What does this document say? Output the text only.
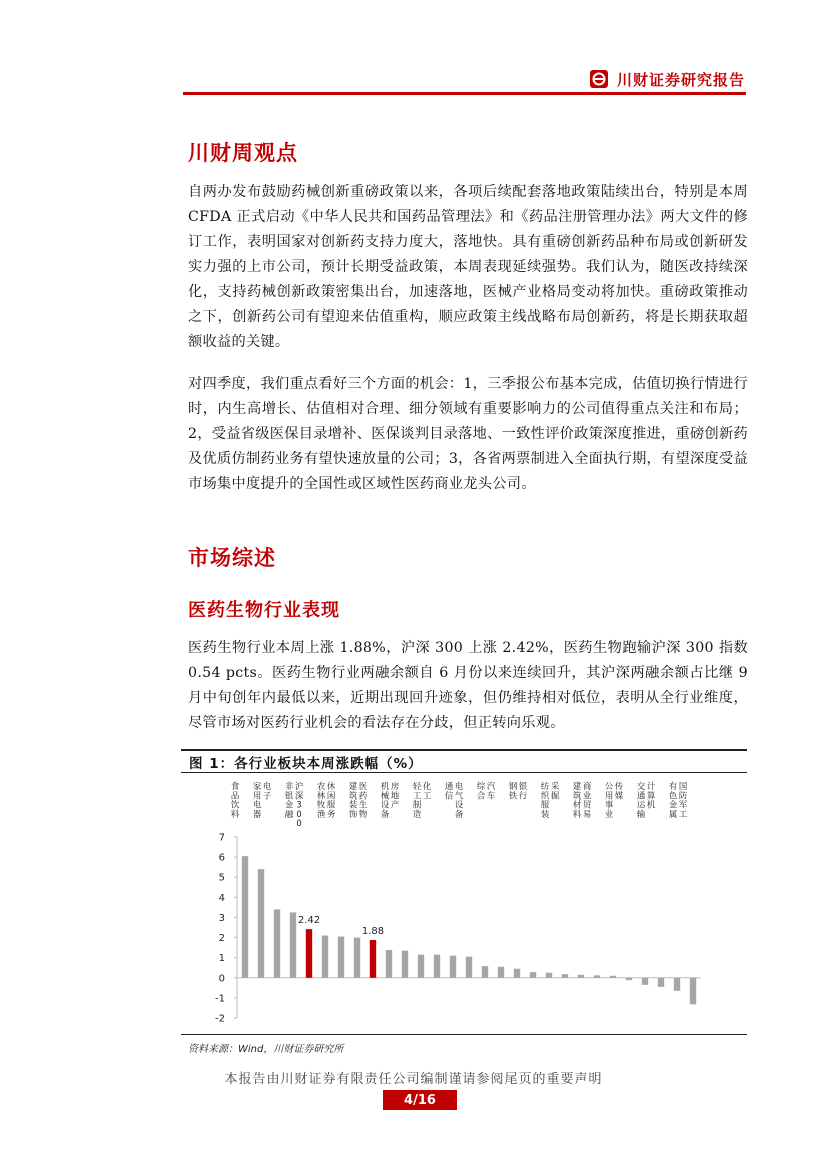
川财证券研究报告
川财周观点

自两办发布鼓励药械创新重磅政策以来，各项后续配套落地政策陆续出台，特别是本周 CFDA 正式启动《中华人民共和国药品管理法》和《药品注册管理办法》两大文件的修订工作，表明国家对创新药支持力度大，落地快。具有重磅创新药品种布局或创新研发实力强的上市公司，预计长期受益政策，本周表现延续强势。我们认为，随医改持续深化，支持药械创新政策密集出台，加速落地，医械产业格局变动将加快。重磅政策推动之下，创新药公司有望迎来估值重构，顺应政策主线战略布局创新药，将是长期获取超额收益的关键。

对四季度，我们重点看好三个方面的机会：1，三季报公布基本完成，估值切换行情进行时，内生高增长、估值相对合理、细分领域有重要影响力的公司值得重点关注和布局；2，受益省级医保目录增补、医保谈判目录落地、一致性评价政策深度推进，重磅创新药及优质仿制药业务有望快速放量的公司；3，各省两票制进入全面执行期，有望深度受益市场集中度提升的全国性或区域性医药商业龙头公司。

市场综述
医药生物行业表现

医药生物行业本周上涨 1.88%，沪深 300 上涨 2.42%，医药生物跑输沪深 300 指数 0.54 pcts。医药生物行业两融余额自 6 月份以来连续回升，其沪深两融余额占比继 9 月中旬创年内最低以来，近期出现回升迹象，但仍维持相对低位，表明从全行业维度，尽管市场对医药行业机会的看法存在分歧，但正转向乐观。

图 1：各行业板块本周涨跌幅（%）
食品饮料
家用电器
电子
非银金融
沪深 3 0 0
农林牧渔
休闲服务
建筑装饰
医药生物
机械设备
房地产
轻工制造
化工
通信
电气设备
综合
汽车
钢铁
银行
纺织服装
采掘
建筑材料
商业贸易
公用事业
传媒
交通运输
计算机
有色金属
国防军工
7
6
5
4
3
2
1
0
-1
-2
2.42
1.88
资料来源：Wind，川财证券研究所
本报告由川财证券有限责任公司编制谨请参阅尾页的重要声明
4/16
